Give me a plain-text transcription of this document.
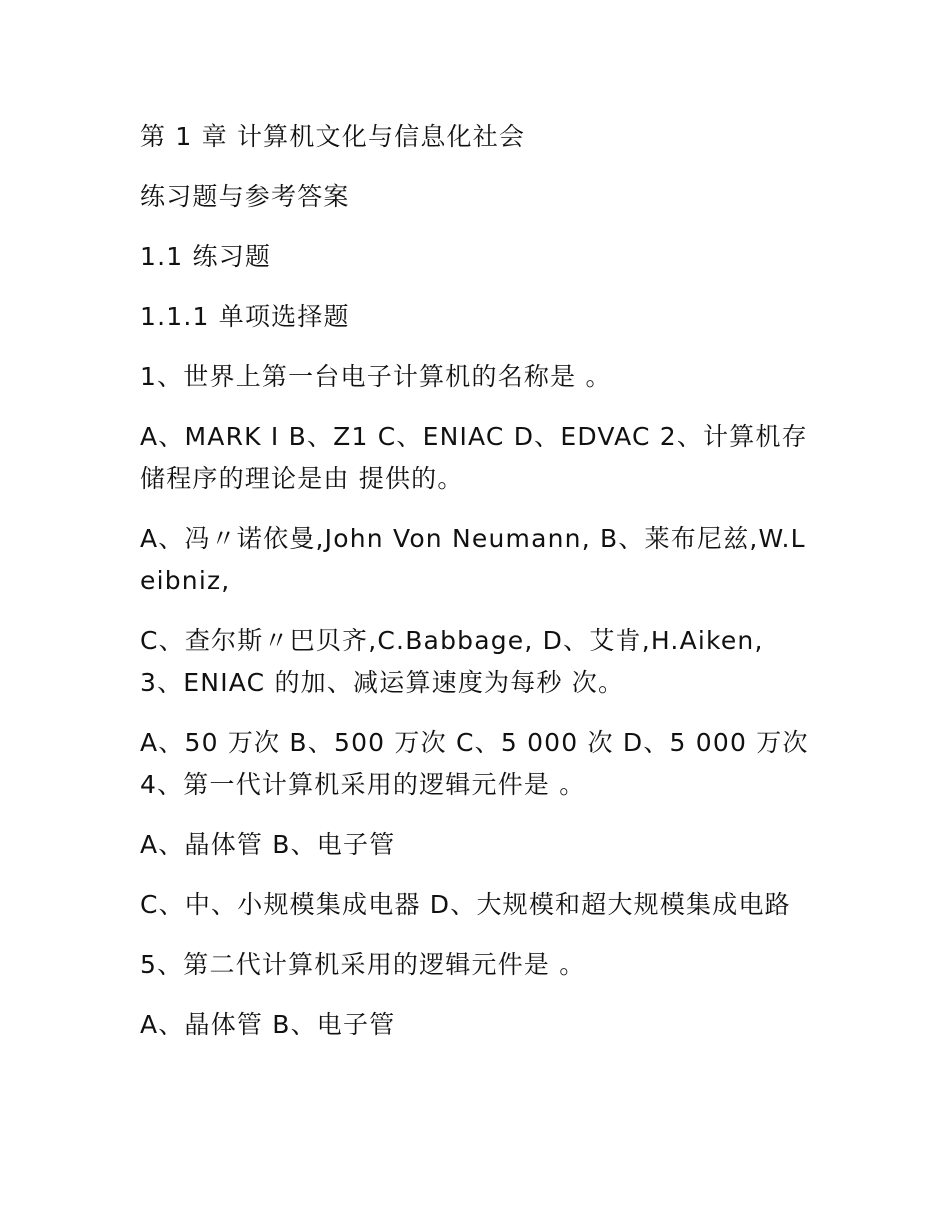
第 1 章 计算机文化与信息化社会

练习题与参考答案

1.1 练习题

1.1.1 单项选择题

1、世界上第一台电子计算机的名称是 。

A、MARK I B、Z1 C、ENIAC D、EDVAC 2、计算机存储程序的理论是由 提供的。

A、冯〃诺依曼,John Von Neumann, B、莱布尼兹,W.Leibniz,

C、查尔斯〃巴贝齐,C.Babbage, D、艾肯,H.Aiken, 3、ENIAC 的加、减运算速度为每秒 次。

A、50 万次 B、500 万次 C、5 000 次 D、5 000 万次 4、第一代计算机采用的逻辑元件是 。

A、晶体管 B、电子管

C、中、小规模集成电器 D、大规模和超大规模集成电路

5、第二代计算机采用的逻辑元件是 。

A、晶体管 B、电子管
